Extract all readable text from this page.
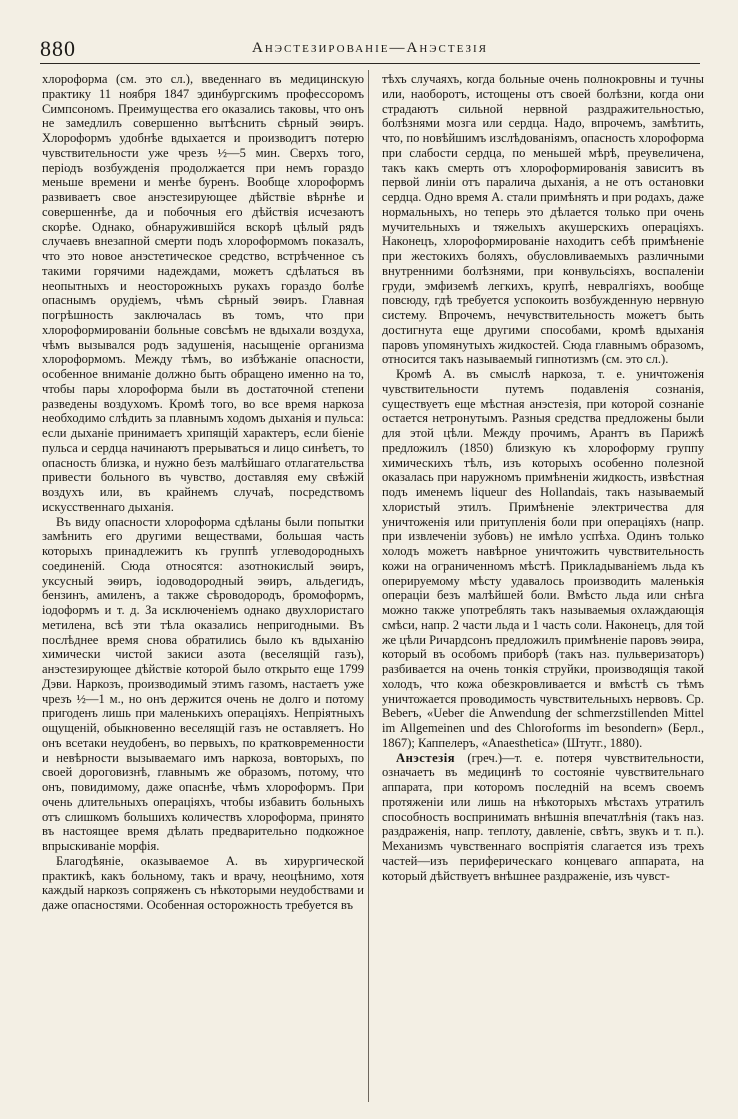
880	Анэстезированіе—Анэстезія

хлороформа (см. это сл.), введеннаго въ медицинскую практику 11 ноября 1847 эдинбургскимъ профессоромъ Симпсономъ. Преимущества его оказались таковы, что онъ не замедлилъ совершенно вытѣснить сѣрный эѳиръ. Хлороформъ удобнѣе вдыхается и производитъ потерю чувствительности уже чрезъ ½—5 мин. Сверхъ того, періодъ возбужденія продолжается при немъ гораздо меньше времени и менѣе буренъ. Вообще хлороформъ развиваетъ свое анэстезирующее дѣйствіе вѣрнѣе и совершеннѣе, да и побочныя его дѣйствія исчезаютъ скорѣе. Однако, обнаружившійся вскорѣ цѣлый рядъ случаевъ внезапной смерти подъ хлороформомъ показалъ, что это новое анэстетическое средство, встрѣченное съ такими горячими надеждами, можетъ сдѣлаться въ неопытныхъ и неосторожныхъ рукахъ гораздо болѣе опаснымъ орудіемъ, чѣмъ сѣрный эѳиръ. Главная погрѣшность заключалась въ томъ, что при хлороформированіи больные совсѣмъ не вдыхали воздуха, чѣмъ вызывался родъ задушенія, насыщеніе организма хлороформомъ. Между тѣмъ, во избѣжаніе опасности, особенное вниманіе должно быть обращено именно на то, чтобы пары хлороформа были въ достаточной степени разведены воздухомъ. Кромѣ того, во все время наркоза необходимо слѣдить за плавнымъ ходомъ дыханія и пульса: если дыханіе принимаетъ хрипящій характеръ, если біеніе пульса и сердца начинаютъ прерываться и лицо синѣетъ, то опасность близка, и нужно безъ малѣйшаго отлагательства привести больного въ чувство, доставляя ему свѣжій воздухъ или, въ крайнемъ случаѣ, посредствомъ искусственнаго дыханія.

Въ виду опасности хлороформа сдѣланы были попытки замѣнить его другими веществами, большая часть которыхъ принадлежитъ къ группѣ углеводородныхъ соединеній. Сюда относятся: азотнокислый эѳиръ, уксусный эѳиръ, іодоводородный эѳиръ, альдегидъ, бензинъ, амиленъ, а также сѣроводородъ, бромоформъ, іодоформъ и т. д. За исключеніемъ однако двухлористаго метилена, всѣ эти тѣла оказались непригодными. Въ послѣднее время снова обратились было къ вдыханію химически чистой закиси азота (веселящій газъ), анэстезирующее дѣйствіе которой было открыто еще 1799 Дэви. Наркозъ, производимый этимъ газомъ, настаетъ уже чрезъ ½—1 м., но онъ держится очень не долго и потому пригоденъ лишь при маленькихъ операціяхъ. Непріятныхъ ощущеній, обыкновенно веселящій газъ не оставляетъ. Но онъ всетаки неудобенъ, во первыхъ, по кратковременности и невѣрности вызываемаго имъ наркоза, вовторыхъ, по своей дороговизнѣ, главнымъ же образомъ, потому, что онъ, повидимому, даже опаснѣе, чѣмъ хлороформъ. При очень длительныхъ операціяхъ, чтобы избавить больныхъ отъ слишкомъ большихъ количествъ хлороформа, принято въ настоящее время дѣлать предварительно подкожное впрыскиваніе морфія.

Благодѣяніе, оказываемое А. въ хирургической практикѣ, какъ больному, такъ и врачу, неоцѣнимо, хотя каждый наркозъ сопряженъ съ нѣкоторыми неудобствами и даже опасностями. Особенная осторожность требуется въ

тѣхъ случаяхъ, когда больные очень полнокровны и тучны или, наоборотъ, истощены отъ своей болѣзни, когда они страдаютъ сильной нервной раздражительностью, болѣзнями мозга или сердца. Надо, впрочемъ, замѣтить, что, по новѣйшимъ изслѣдованіямъ, опасность хлороформа при слабости сердца, по меньшей мѣрѣ, преувеличена, такъ какъ смерть отъ хлороформированія зависитъ въ первой линіи отъ паралича дыханія, а не отъ остановки сердца. Одно время А. стали примѣнять и при родахъ, даже нормальныхъ, но теперь это дѣлается только при очень мучительныхъ и тяжелыхъ акушерскихъ операціяхъ. Наконецъ, хлороформированіе находитъ себѣ примѣненіе при жестокихъ боляхъ, обусловливаемыхъ различными внутренними болѣзнями, при конвульсіяхъ, воспаленіи груди, эмфиземѣ легкихъ, крупѣ, невралгіяхъ, вообще повсюду, гдѣ требуется успокоить возбужденную нервную систему. Впрочемъ, нечувствительность можетъ быть достигнута еще другими способами, кромѣ вдыханія паровъ упомянутыхъ жидкостей. Сюда главнымъ образомъ, относится такъ называемый гипнотизмъ (см. это сл.).

Кромѣ А. въ смыслѣ наркоза, т. е. уничтоженія чувствительности путемъ подавленія сознанія, существуетъ еще мѣстная анэстезія, при которой сознаніе остается нетронутымъ. Разныя средства предложены были для этой цѣли. Между прочимъ, Арантъ въ Парижѣ предложилъ (1850) близкую къ хлороформу группу химическихъ тѣлъ, изъ которыхъ особенно полезной оказалась при наружномъ примѣненіи жидкость, извѣстная подъ именемъ liqueur des Hollandais, такъ называемый хлористый этилъ. Примѣненіе электричества для уничтоженія или притупленія боли при операціяхъ (напр. при извлеченіи зубовъ) не имѣло успѣха. Одинъ только холодъ можетъ навѣрное уничтожить чувствительность кожи на ограниченномъ мѣстѣ. Прикладываніемъ льда къ оперируемому мѣсту удавалось производить маленькія операціи безъ малѣйшей боли. Вмѣсто льда или снѣга можно также употреблять такъ называемыя охлаждающія смѣси, напр. 2 части льда и 1 часть соли. Наконецъ, для той же цѣли Ричардсонъ предложилъ примѣненіе паровъ эѳира, который въ особомъ приборѣ (такъ наз. пульверизаторъ) разбивается на очень тонкія струйки, производящія такой холодъ, что кожа обезкровливается и вмѣстѣ съ тѣмъ уничтожается проводимость чувствительныхъ нервовъ. Ср. Beberъ, «Ueber die Anwendung der schmerzstillenden Mittel im Allgemeinen und des Chloroforms im besondern» (Берл., 1867); Каппелеръ, «Anaesthetica» (Штутг., 1880).

Анэстезія (греч.)—т. е. потеря чувствительности, означаетъ въ медицинѣ то состояніе чувствительнаго аппарата, при которомъ последній на всемъ своемъ протяженіи или лишь на нѣкоторыхъ мѣстахъ утратилъ способность воспринимать внѣшнія впечатлѣнія (такъ наз. раздраженія, напр. теплоту, давленіе, свѣтъ, звукъ и т. п.). Механизмъ чувственнаго воспріятія слагается изъ трехъ частей—изъ периферическаго концеваго аппарата, на который дѣйствуетъ внѣшнее раздраженіе, изъ чувст-
